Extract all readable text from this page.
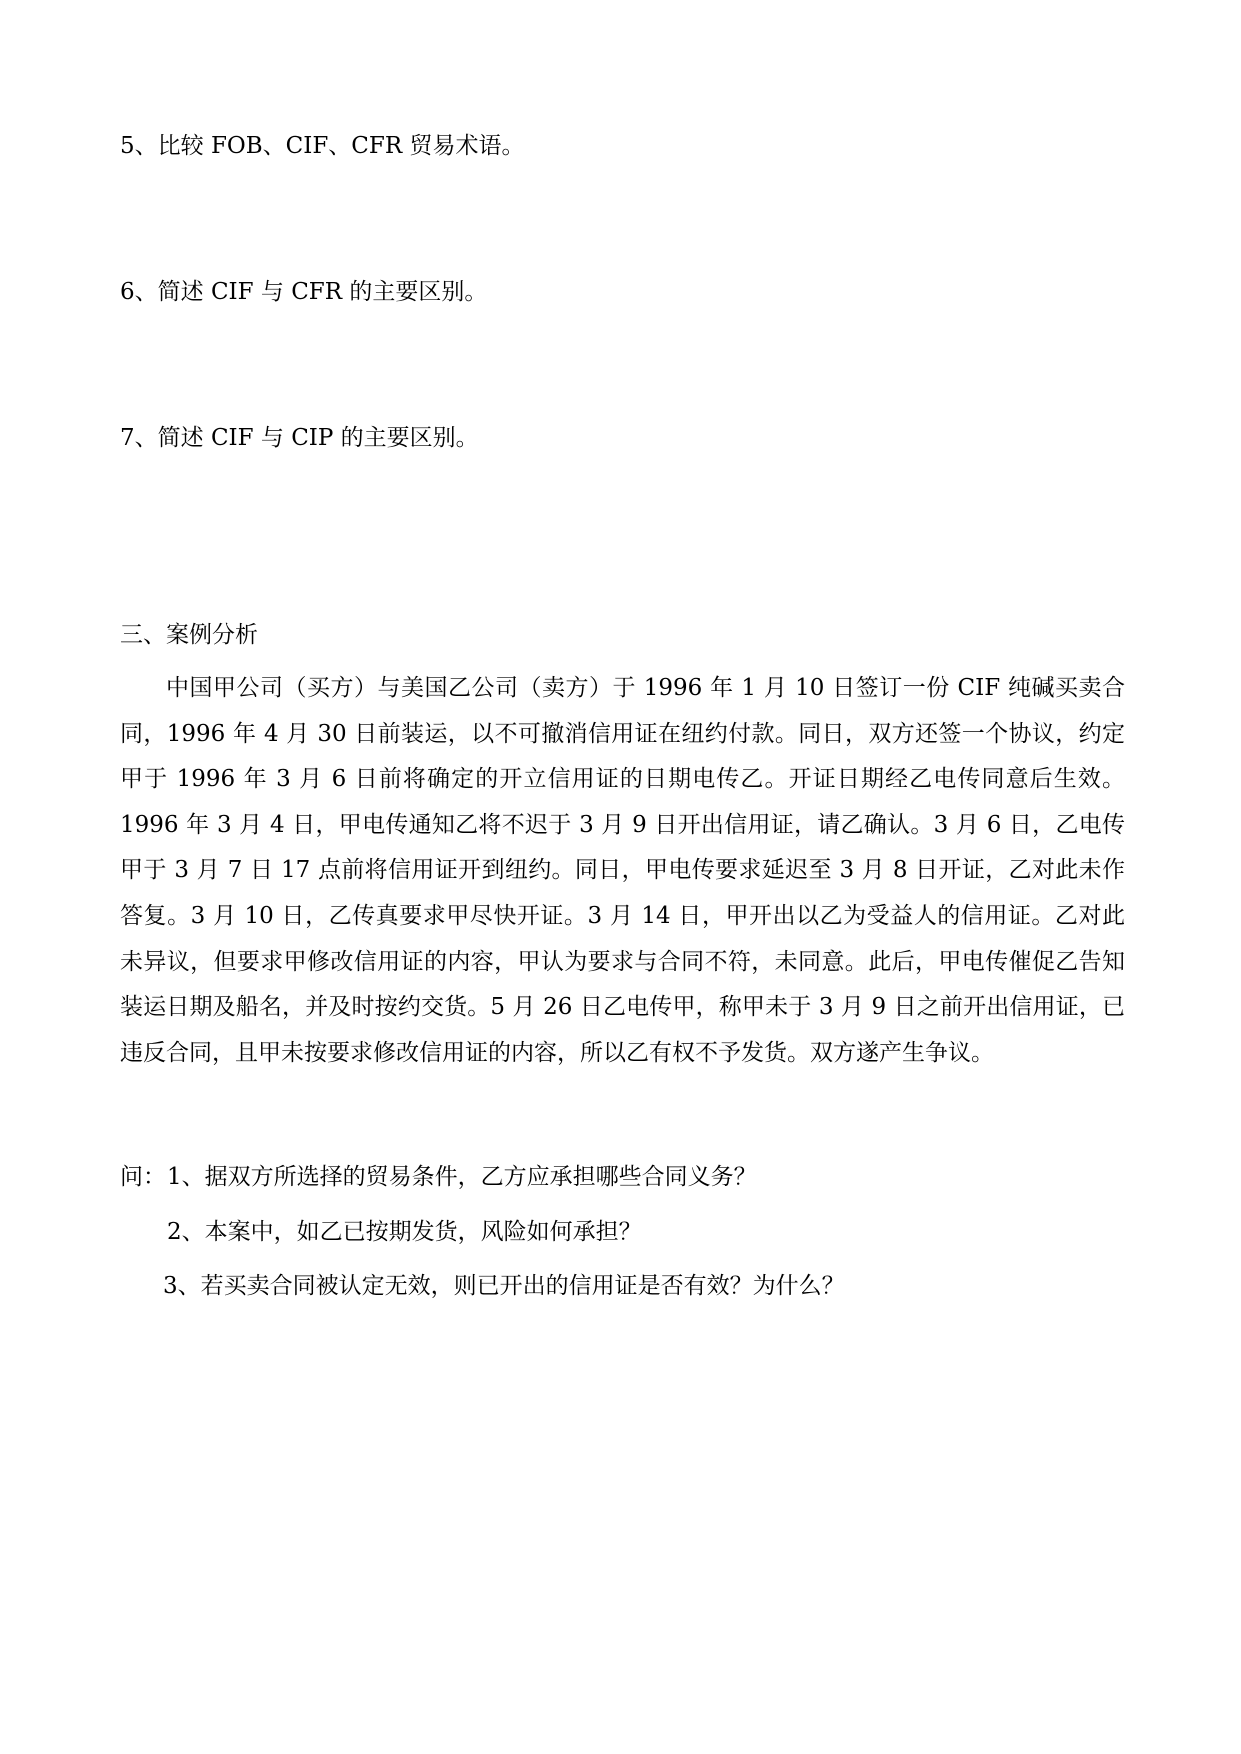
5、比较 FOB、CIF、CFR 贸易术语。
6、简述 CIF 与 CFR 的主要区别。
7、简述 CIF 与 CIP 的主要区别。
三、案例分析

中国甲公司（买方）与美国乙公司（卖方）于 1996 年 1 月 10 日签订一份 CIF 纯碱买卖合同，1996 年 4 月 30 日前装运，以不可撤消信用证在纽约付款。同日，双方还签一个协议，约定甲于 1996 年 3 月 6 日前将确定的开立信用证的日期电传乙。开证日期经乙电传同意后生效。1996 年 3 月 4 日，甲电传通知乙将不迟于 3 月 9 日开出信用证，请乙确认。3 月 6 日，乙电传甲于 3 月 7 日 17 点前将信用证开到纽约。同日，甲电传要求延迟至 3 月 8 日开证，乙对此未作答复。3 月 10 日，乙传真要求甲尽快开证。3 月 14 日，甲开出以乙为受益人的信用证。乙对此未异议，但要求甲修改信用证的内容，甲认为要求与合同不符，未同意。此后，甲电传催促乙告知装运日期及船名，并及时按约交货。5 月 26 日乙电传甲，称甲未于 3 月 9 日之前开出信用证，已违反合同，且甲未按要求修改信用证的内容，所以乙有权不予发货。双方遂产生争议。

问： 1、据双方所选择的贸易条件，乙方应承担哪些合同义务？
2、本案中，如乙已按期发货，风险如何承担？
3、若买卖合同被认定无效，则已开出的信用证是否有效？为什么？
